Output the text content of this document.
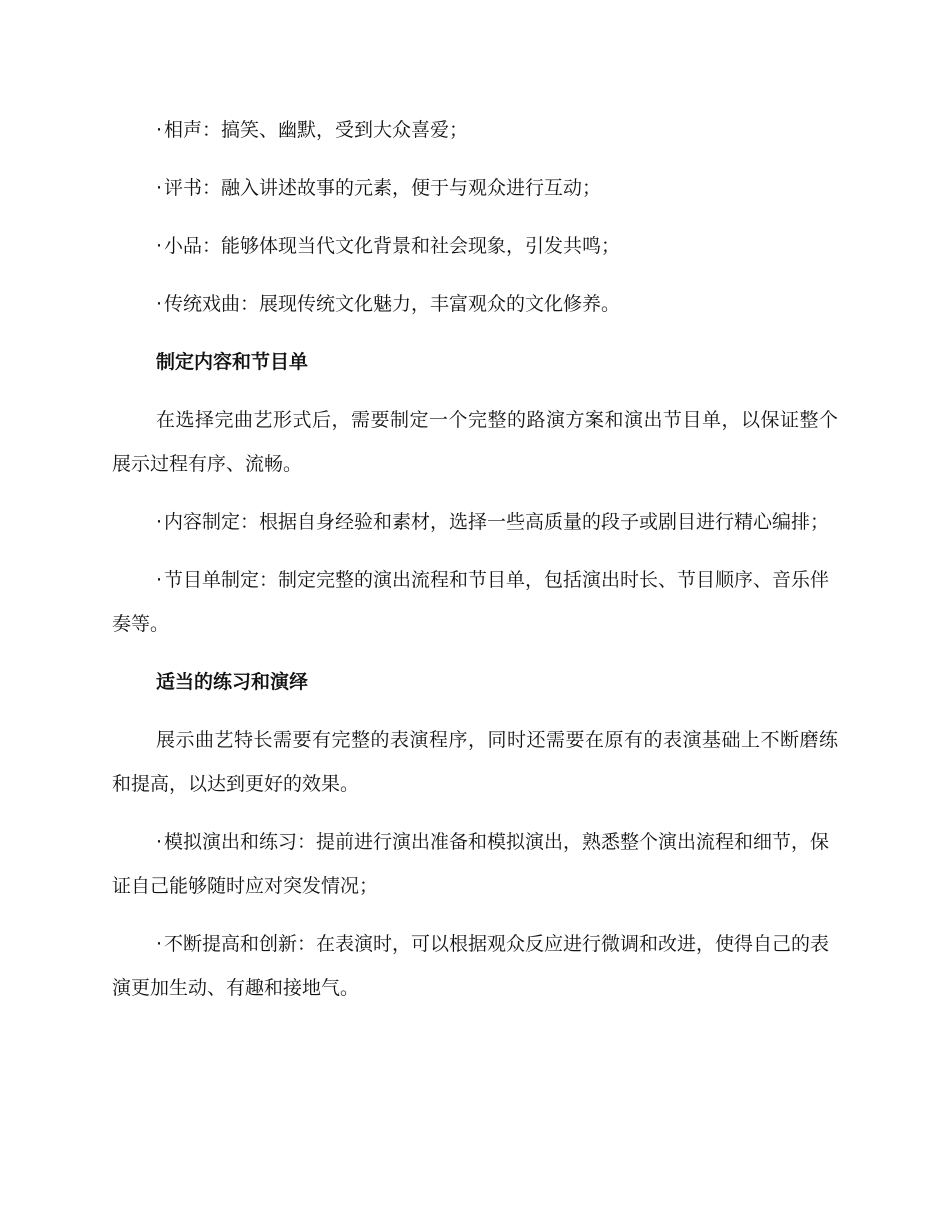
· 相声：搞笑、幽默，受到大众喜爱；

· 评书：融入讲述故事的元素，便于与观众进行互动；

· 小品：能够体现当代文化背景和社会现象，引发共鸣；

· 传统戏曲：展现传统文化魅力，丰富观众的文化修养。

制定内容和节目单

在选择完曲艺形式后，需要制定一个完整的路演方案和演出节目单，以保证整个展示过程有序、流畅。

· 内容制定：根据自身经验和素材，选择一些高质量的段子或剧目进行精心编排；

· 节目单制定：制定完整的演出流程和节目单，包括演出时长、节目顺序、音乐伴奏等。

适当的练习和演绎

展示曲艺特长需要有完整的表演程序，同时还需要在原有的表演基础上不断磨练和提高，以达到更好的效果。

· 模拟演出和练习：提前进行演出准备和模拟演出，熟悉整个演出流程和细节，保证自己能够随时应对突发情况；

· 不断提高和创新：在表演时，可以根据观众反应进行微调和改进，使得自己的表演更加生动、有趣和接地气。
